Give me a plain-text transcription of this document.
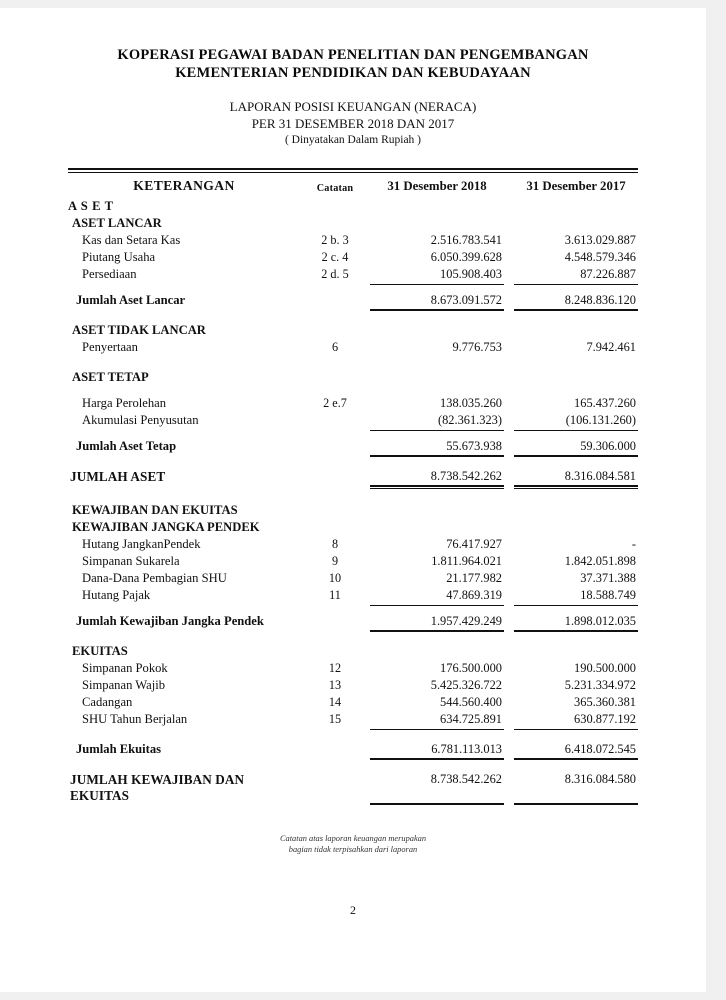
KOPERASI PEGAWAI BADAN PENELITIAN DAN PENGEMBANGAN
KEMENTERIAN PENDIDIKAN DAN KEBUDAYAAN
LAPORAN POSISI KEUANGAN (NERACA)
PER 31 DESEMBER 2018 DAN 2017
( Dinyatakan Dalam Rupiah )
KETERANGAN	Catatan	31 Desember 2018		31 Desember 2017
A S E T				
ASET LANCAR				
Kas dan Setara Kas	2 b. 3	2.516.783.541		3.613.029.887
Piutang Usaha	2 c. 4	6.050.399.628		4.548.579.346
Persediaan	2 d. 5	105.908.403		87.226.887

Jumlah Aset Lancar		8.673.091.572		8.248.836.120

ASET TIDAK LANCAR				
Penyertaan	6	9.776.753		7.942.461

ASET TETAP				

Harga Perolehan	2 e.7	138.035.260		165.437.260
Akumulasi Penyusutan		(82.361.323)		(106.131.260)

Jumlah Aset Tetap		55.673.938		59.306.000

JUMLAH ASET		8.738.542.262		8.316.084.581

KEWAJIBAN DAN EKUITAS				
KEWAJIBAN JANGKA PENDEK				
Hutang JangkanPendek	8	76.417.927		-
Simpanan Sukarela	9	1.811.964.021		1.842.051.898
Dana-Dana Pembagian SHU	10	21.177.982		37.371.388
Hutang Pajak	11	47.869.319		18.588.749

Jumlah Kewajiban Jangka Pendek		1.957.429.249		1.898.012.035

EKUITAS				
Simpanan Pokok	12	176.500.000		190.500.000
Simpanan Wajib	13	5.425.326.722		5.231.334.972
Cadangan	14	544.560.400		365.360.381
SHU Tahun Berjalan	15	634.725.891		630.877.192

Jumlah Ekuitas		6.781.113.013		6.418.072.545

JUMLAH KEWAJIBAN DAN EKUITAS		8.738.542.262		8.316.084.580
Catatan atas laporan keuangan merupakan
bagian tidak terpisahkan dari laporan
2
